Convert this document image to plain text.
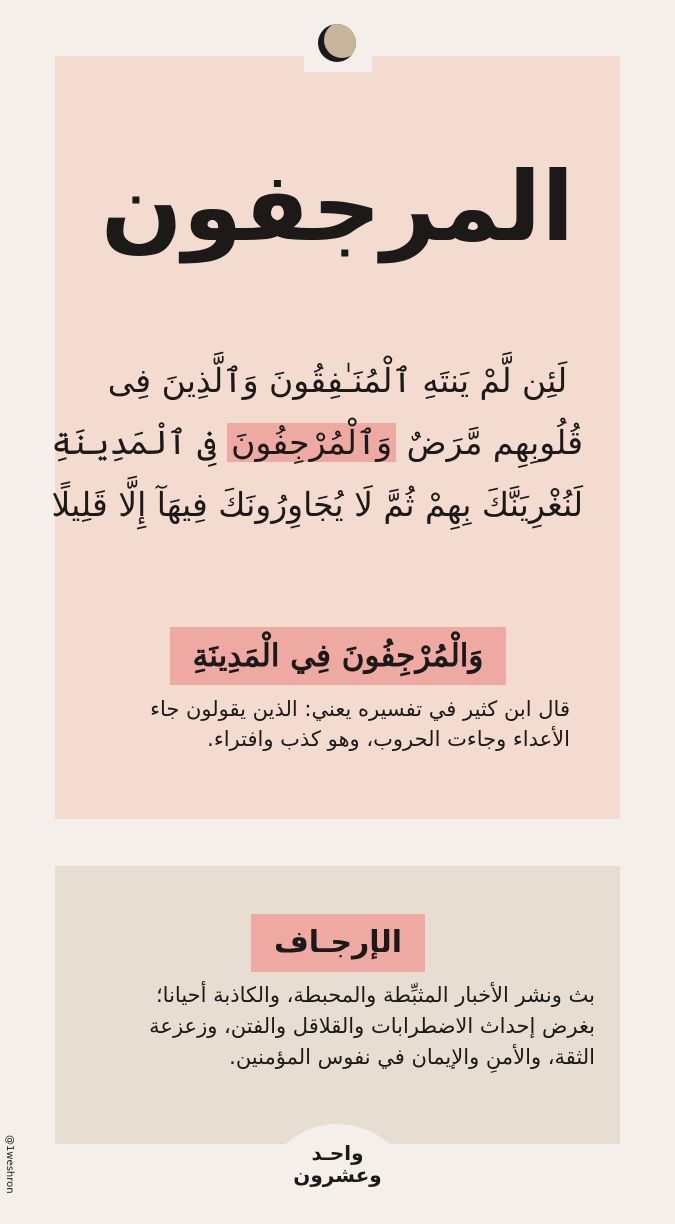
المرجفون
لَئِن لَّمْ يَنتَهِ ٱلْمُنَـٰفِقُونَ وَٱلَّذِينَ فِى
قُلُوبِهِم مَّرَضٌ وَٱلْمُرْجِفُونَ فِى ٱلْمَدِينَةِ
لَنُغْرِيَنَّكَ بِهِمْ ثُمَّ لَا يُجَاوِرُونَكَ فِيهَآ إِلَّا قَلِيلًا
وَالْمُرْجِفُونَ فِي الْمَدِينَةِ
قال ابن كثير في تفسيره يعني: الذين يقولون جاء
الأعداء وجاءت الحروب، وهو كذب وافتراء.
الإرجـاف
بث ونشر الأخبار المثبِّطة والمحبطة، والكاذبة أحيانا؛
بغرض إحداث الاضطرابات والقلاقل والفتن، وزعزعة
الثقة، والأمنِ والإيمان في نفوس المؤمنين.
واحـد
وعشرون
@1weshron
